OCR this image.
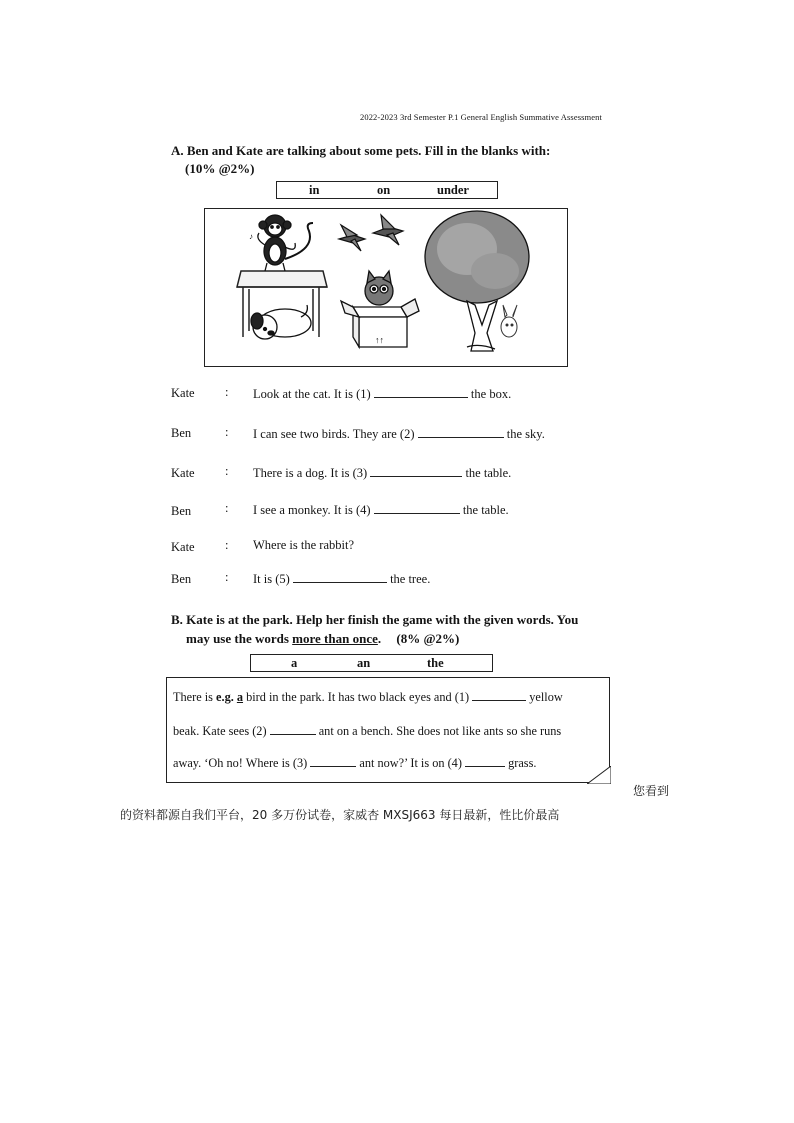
2022-2023 3rd Semester P.1 General English Summative Assessment
A. Ben and Kate are talking about some pets. Fill in the blanks with:
(10% @2%)
in	on	under
♪
↑↑
Kate : Look at the cat. It is (1)	the box.
Ben	: I can see two birds. They are (2)	the sky.
Kate : There is a dog. It is (3)	the table.
Ben	: I see a monkey. It is (4)	the table.
Kate : Where is the rabbit?
Ben	: It is (5)	the tree.
B. Kate is at the park. Help her finish the game with the given words. You
may use the words more than once. (8% @2%)
a	an	the
There is e.g. a bird in the park. It has two black eyes and (1)	yellow
beak. Kate sees (2)	ant on a bench. She does not like ants so she runs
away. ‘Oh no! Where is (3)	ant now?’ It is on (4)	grass.
您看到
的资料都源自我们平台，20 多万份试卷，家威杏 MXSJ663 每日最新，性比价最高
